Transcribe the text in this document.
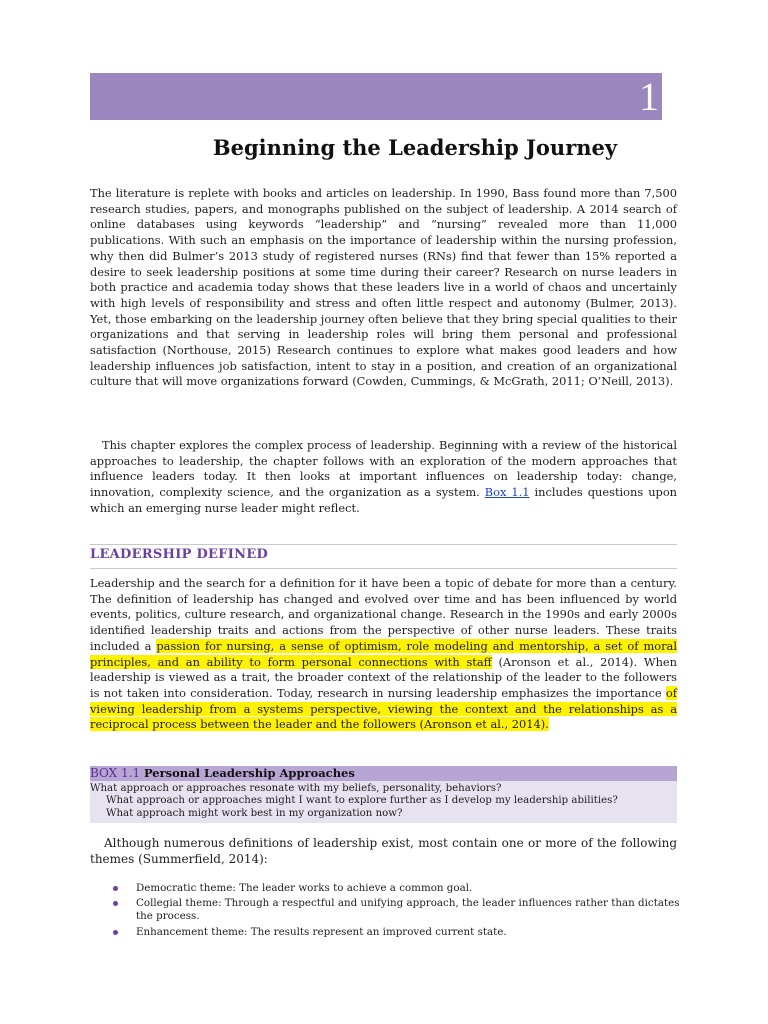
1
Beginning the Leadership Journey

The literature is replete with books and articles on leadership. In 1990, Bass found more than 7,500 research studies, papers, and monographs published on the subject of leadership. A 2014 search of online databases using keywords “leadership” and “nursing” revealed more than 11,000 publications. With such an emphasis on the importance of leadership within the nursing profession, why then did Bulmer’s 2013 study of registered nurses (RNs) find that fewer than 15% reported a desire to seek leadership positions at some time during their career? Research on nurse leaders in both practice and academia today shows that these leaders live in a world of chaos and uncertainly with high levels of responsibility and stress and often little respect and autonomy (Bulmer, 2013). Yet, those embarking on the leadership journey often believe that they bring special qualities to their organizations and that serving in leadership roles will bring them personal and professional satisfaction (Northouse, 2015) Research continues to explore what makes good leaders and how leadership influences job satisfaction, intent to stay in a position, and creation of an organizational culture that will move organizations forward (Cowden, Cummings, & McGrath, 2011; O’Neill, 2013).

This chapter explores the complex process of leadership. Beginning with a review of the historical approaches to leadership, the chapter follows with an exploration of the modern approaches that influence leaders today. It then looks at important influences on leadership today: change, innovation, complexity science, and the organization as a system. Box 1.1 includes questions upon which an emerging nurse leader might reflect.

LEADERSHIP DEFINED

Leadership and the search for a definition for it have been a topic of debate for more than a century. The definition of leadership has changed and evolved over time and has been influenced by world events, politics, culture research, and organizational change. Research in the 1990s and early 2000s identified leadership traits and actions from the perspective of other nurse leaders. These traits included a passion for nursing, a sense of optimism, role modeling and mentorship, a set of moral principles, and an ability to form personal connections with staff (Aronson et al., 2014). When leadership is viewed as a trait, the broader context of the relationship of the leader to the followers is not taken into consideration. Today, research in nursing leadership emphasizes the importance of viewing leadership from a systems perspective, viewing the context and the relationships as a reciprocal process between the leader and the followers (Aronson et al., 2014).

BOX 1.1 Personal Leadership Approaches
What approach or approaches resonate with my beliefs, personality, behaviors?
What approach or approaches might I want to explore further as I develop my leadership abilities?
What approach might work best in my organization now?

Although numerous definitions of leadership exist, most contain one or more of the following themes (Summerfield, 2014):

Democratic theme: The leader works to achieve a common goal.
Collegial theme: Through a respectful and unifying approach, the leader influences rather than dictates the process.
Enhancement theme: The results represent an improved current state.
